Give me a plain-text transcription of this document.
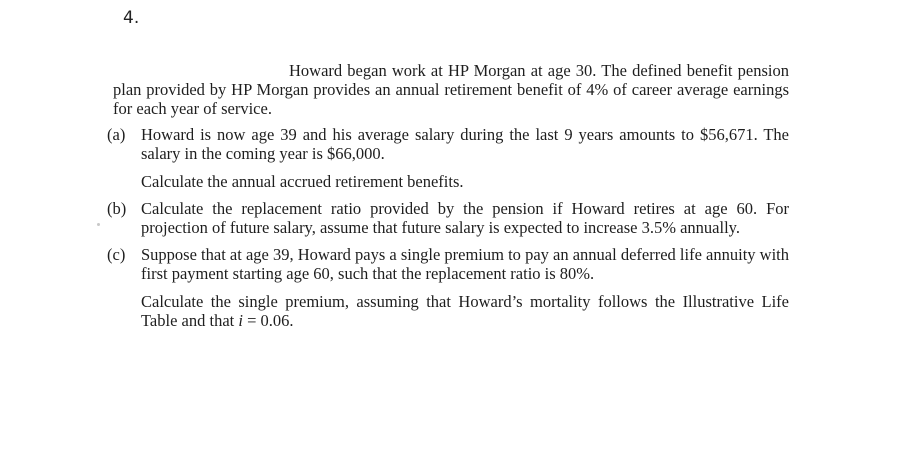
4.

Howard began work at HP Morgan at age 30. The defined benefit pension plan provided by HP Morgan provides an annual retirement benefit of 4% of career average earnings for each year of service.

(a) Howard is now age 39 and his average salary during the last 9 years amounts to $56,671. The salary in the coming year is $66,000.

Calculate the annual accrued retirement benefits.

(b) Calculate the replacement ratio provided by the pension if Howard retires at age 60. For projection of future salary, assume that future salary is expected to increase 3.5% annually.

(c) Suppose that at age 39, Howard pays a single premium to pay an annual deferred life annuity with first payment starting age 60, such that the replacement ratio is 80%.

Calculate the single premium, assuming that Howard’s mortality follows the Illustrative Life Table and that i = 0.06.
